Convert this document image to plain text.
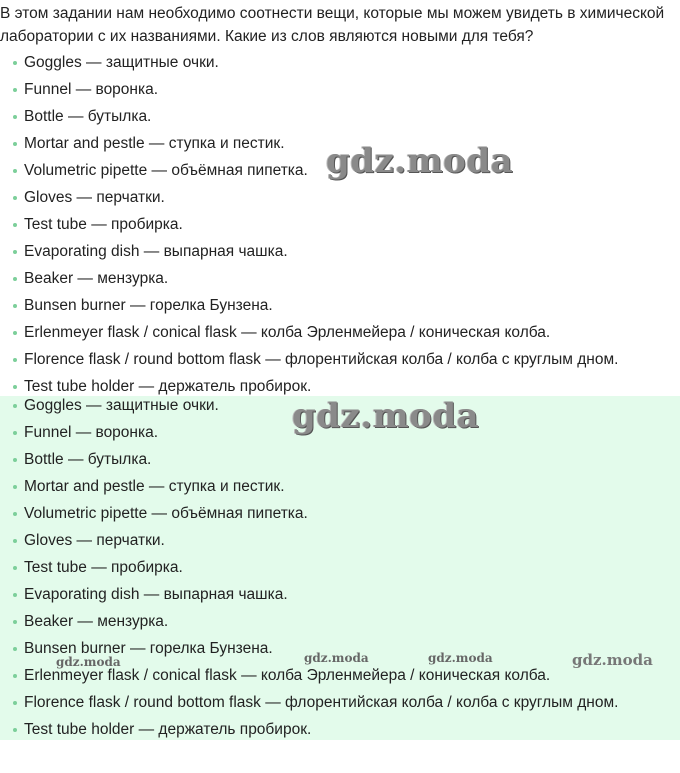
В этом задании нам необходимо соотнести вещи, которые мы можем увидеть в химической лаборатории с их названиями. Какие из слов являются новыми для тебя?

Goggles — защитные очки.
Funnel — воронка.
Bottle — бутылка.
Mortar and pestle — ступка и пестик.
Volumetric pipette — объёмная пипетка.
Gloves — перчатки.
Test tube — пробирка.
Evaporating dish — выпарная чашка.
Beaker — мензурка.
Bunsen burner — горелка Бунзена.
Erlenmeyer flask / conical flask — колба Эрленмейера / коническая колба.
Florence flask / round bottom flask — флорентийская колба / колба с круглым дном.
Test tube holder — держатель пробирок.
Goggles — защитные очки.
Funnel — воронка.
Bottle — бутылка.
Mortar and pestle — ступка и пестик.
Volumetric pipette — объёмная пипетка.
Gloves — перчатки.
Test tube — пробирка.
Evaporating dish — выпарная чашка.
Beaker — мензурка.
Bunsen burner — горелка Бунзена.
Erlenmeyer flask / conical flask — колба Эрленмейера / коническая колба.
Florence flask / round bottom flask — флорентийская колба / колба с круглым дном.
Test tube holder — держатель пробирок.
gdz.moda
gdz.moda
gdz.moda	gdz.moda	gdz.moda	gdz.moda
